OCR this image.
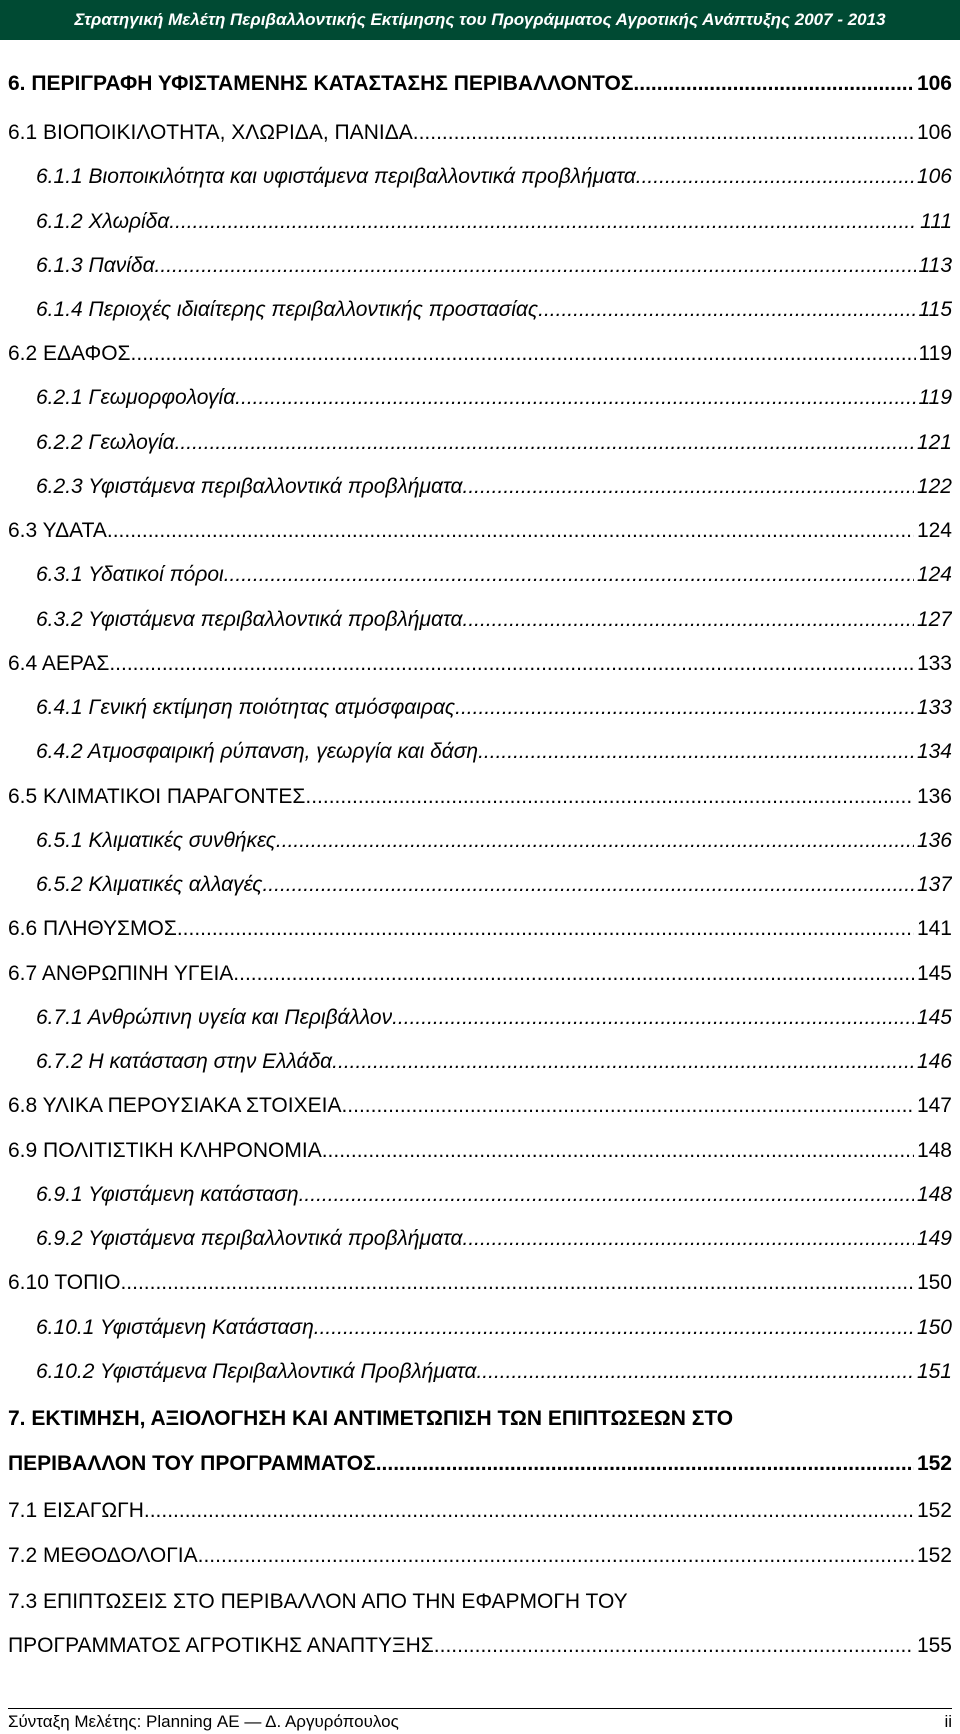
Στρατηγική Μελέτη Περιβαλλοντικής Εκτίμησης του Προγράμματος Αγροτικής Ανάπτυξης 2007 - 2013
6. ΠΕΡΙΓΡΑΦΗ ΥΦΙΣΤΑΜΕΝΗΣ ΚΑΤΑΣΤΑΣΗΣ ΠΕΡΙΒΑΛΛΟΝΤΟΣ .....	106
6.1 ΒΙΟΠΟΙΚΙΛΟΤΗΤΑ, ΧΛΩΡΙΔΑ, ΠΑΝΙΔΑ .....	106
6.1.1 Βιοποικιλότητα και υφιστάμενα περιβαλλοντικά προβλήματα .....	106
6.1.2 Χλωρίδα .....	111
6.1.3 Πανίδα .....	113
6.1.4 Περιοχές ιδιαίτερης περιβαλλοντικής προστασίας .....	115
6.2 ΕΔΑΦΟΣ .....	119
6.2.1 Γεωμορφολογία .....	119
6.2.2 Γεωλογία .....	121
6.2.3 Υφιστάμενα περιβαλλοντικά προβλήματα .....	122
6.3 ΥΔΑΤΑ .....	124
6.3.1 Υδατικοί πόροι .....	124
6.3.2 Υφιστάμενα περιβαλλοντικά προβλήματα .....	127
6.4 ΑΕΡΑΣ .....	133
6.4.1 Γενική εκτίμηση ποιότητας ατμόσφαιρας .....	133
6.4.2 Ατμοσφαιρική ρύπανση, γεωργία και δάση .....	134
6.5 ΚΛΙΜΑΤΙΚΟΙ ΠΑΡΑΓΟΝΤΕΣ .....	136
6.5.1 Κλιματικές συνθήκες .....	136
6.5.2 Κλιματικές αλλαγές .....	137
6.6 ΠΛΗΘΥΣΜΟΣ .....	141
6.7 ΑΝΘΡΩΠΙΝΗ ΥΓΕΙΑ .....	145
6.7.1 Ανθρώπινη υγεία και Περιβάλλον .....	145
6.7.2 Η κατάσταση στην Ελλάδα .....	146
6.8 ΥΛΙΚΑ ΠΕΡΟΥΣΙΑΚΑ ΣΤΟΙΧΕΙΑ .....	147
6.9 ΠΟΛΙΤΙΣΤΙΚΗ ΚΛΗΡΟΝΟΜΙΑ .....	148
6.9.1 Υφιστάμενη κατάσταση .....	148
6.9.2 Υφιστάμενα περιβαλλοντικά προβλήματα .....	149
6.10 ΤΟΠΙΟ .....	150
6.10.1 Υφιστάμενη Κατάσταση .....	150
6.10.2 Υφιστάμενα Περιβαλλοντικά Προβλήματα .....	151
7. ΕΚΤΙΜΗΣΗ, ΑΞΙΟΛΟΓΗΣΗ ΚΑΙ ΑΝΤΙΜΕΤΩΠΙΣΗ ΤΩΝ ΕΠΙΠΤΩΣΕΩΝ ΣΤΟ
ΠΕΡΙΒΑΛΛΟΝ ΤΟΥ ΠΡΟΓΡΑΜΜΑΤΟΣ .....	152
7.1 ΕΙΣΑΓΩΓΗ .....	152
7.2 ΜΕΘΟΔΟΛΟΓΙΑ .....	152
7.3 ΕΠΙΠΤΩΣΕΙΣ ΣΤΟ ΠΕΡΙΒΑΛΛΟΝ ΑΠΟ ΤΗΝ ΕΦΑΡΜΟΓΗ ΤΟΥ
ΠΡΟΓΡΑΜΜΑΤΟΣ ΑΓΡΟΤΙΚΗΣ ΑΝΑΠΤΥΞΗΣ .....	155
Σύνταξη Μελέτης: Planning ΑΕ — Δ. Αργυρόπουλος	ii
